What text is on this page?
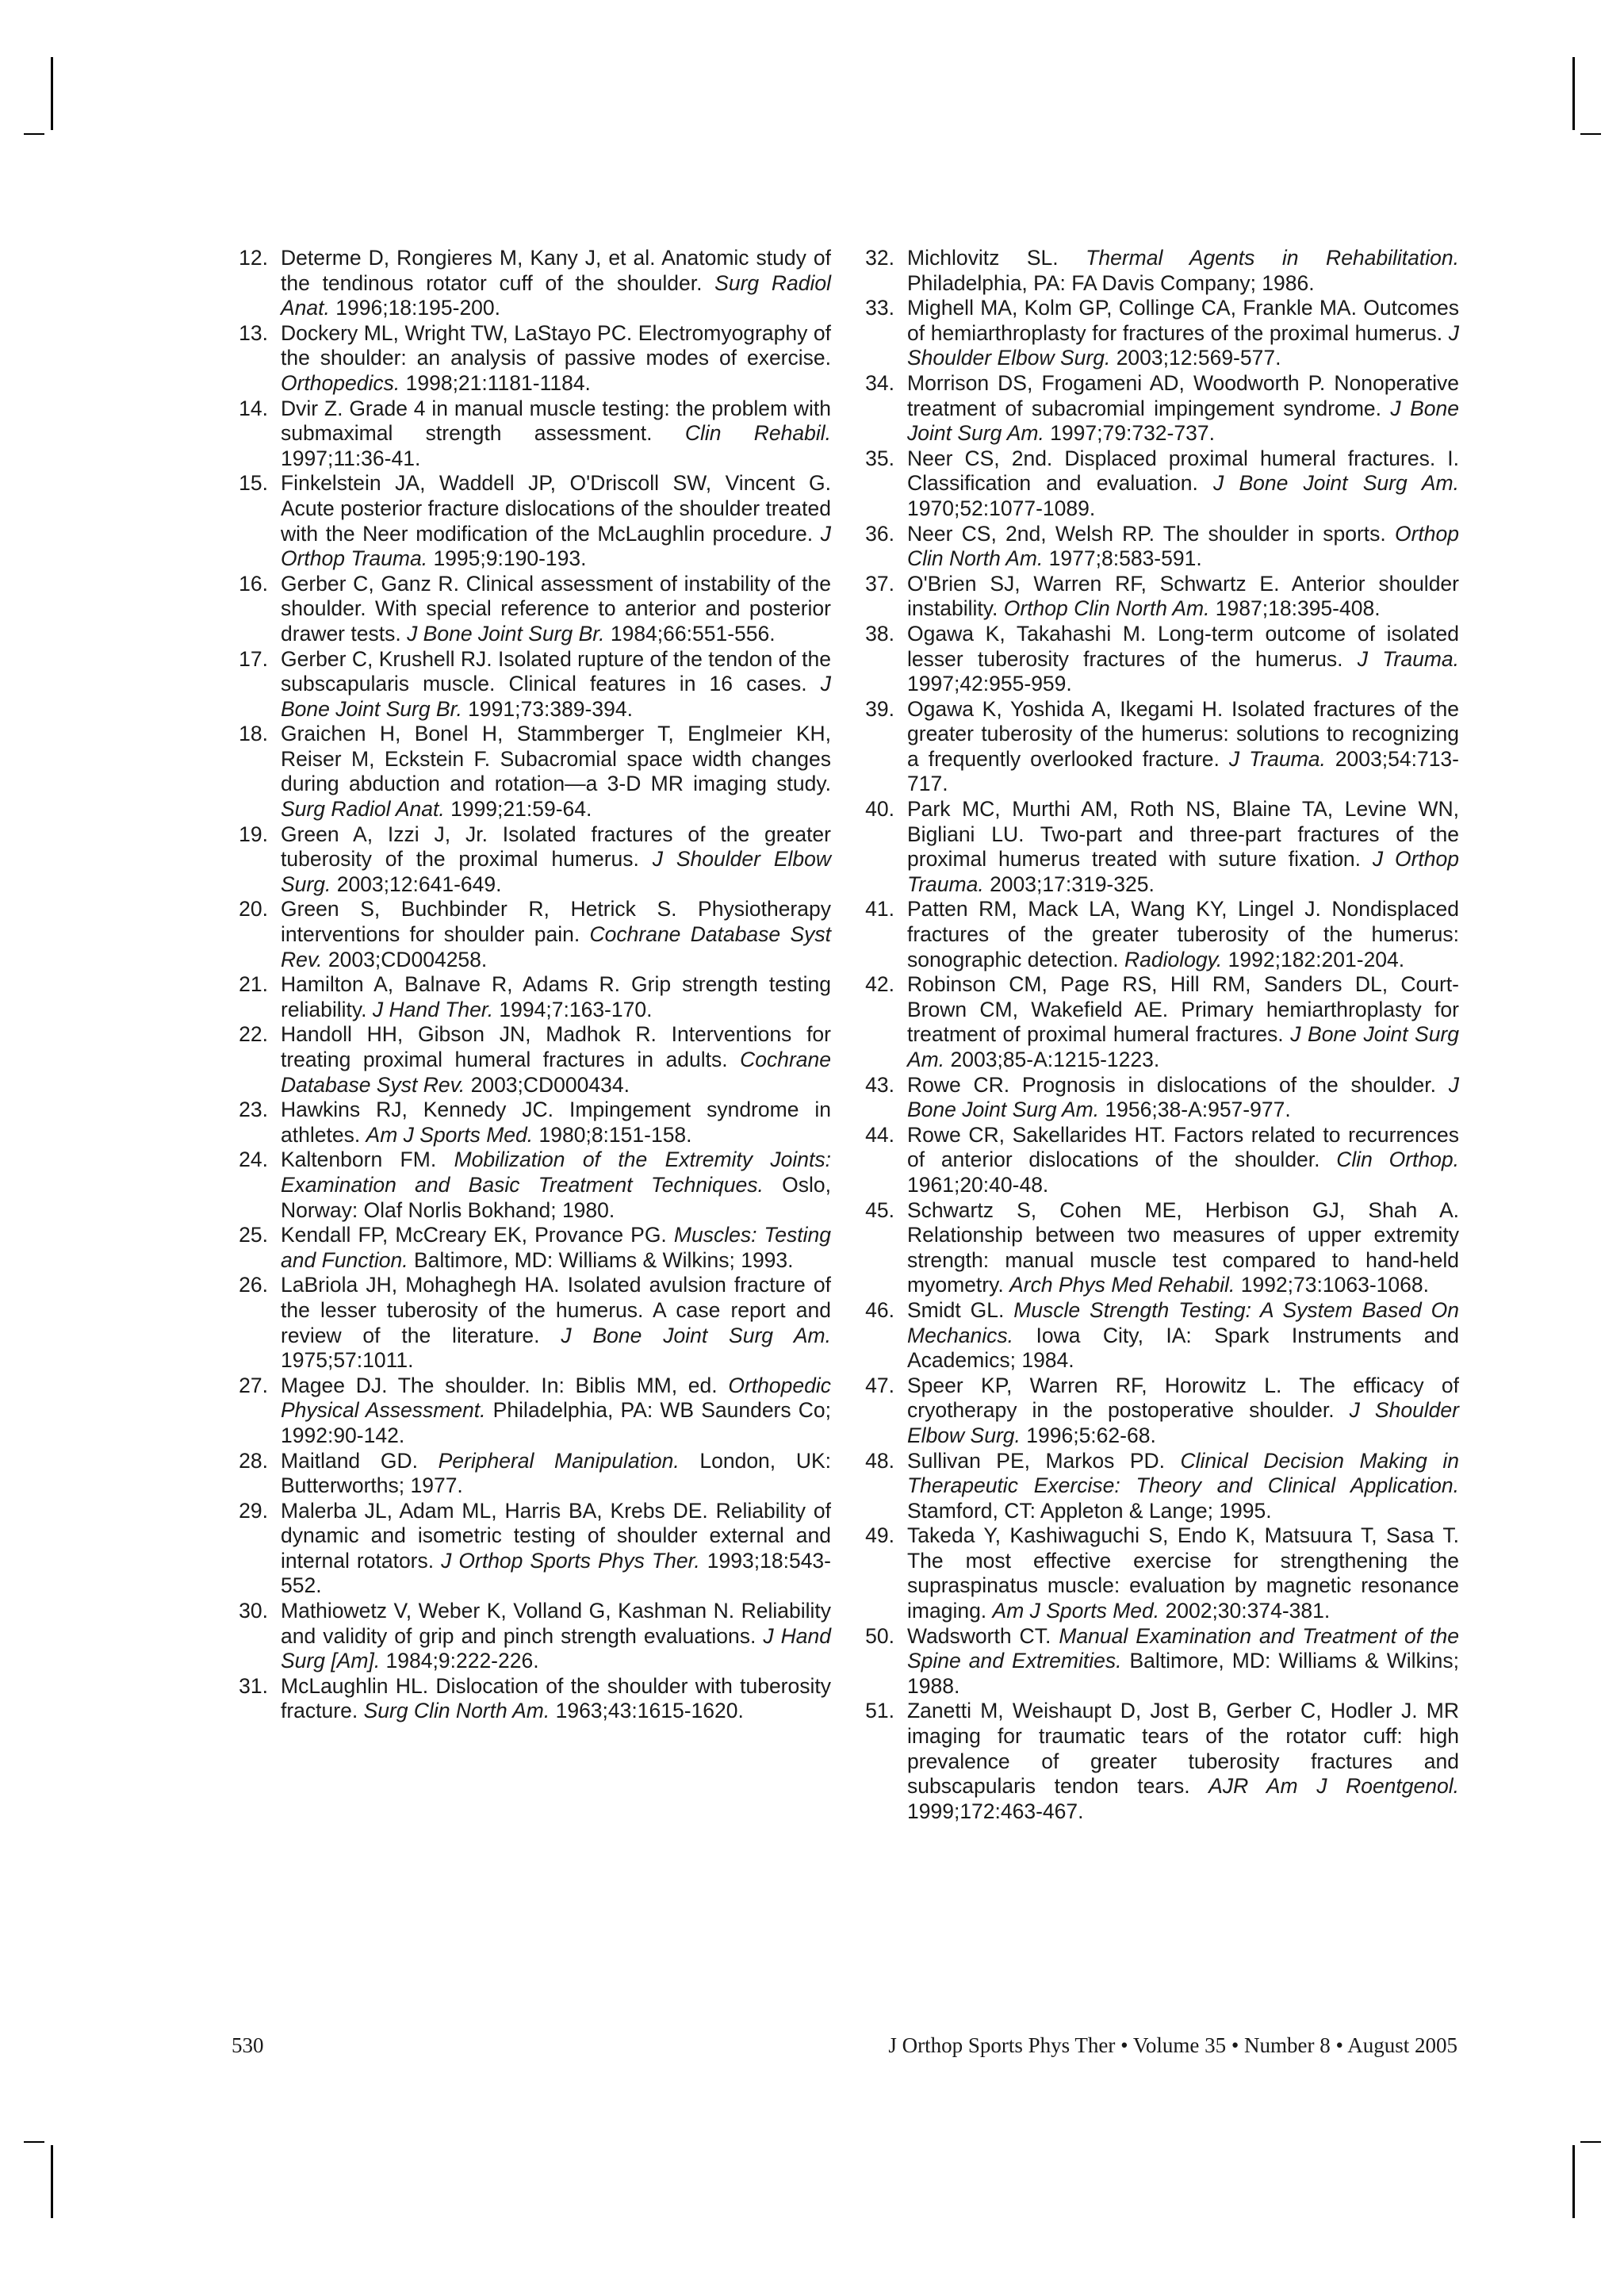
12. Determe D, Rongieres M, Kany J, et al. Anatomic study of the tendinous rotator cuff of the shoulder. Surg Radiol Anat. 1996;18:195-200.
13. Dockery ML, Wright TW, LaStayo PC. Electromyography of the shoulder: an analysis of passive modes of exercise. Orthopedics. 1998;21:1181-1184.
14. Dvir Z. Grade 4 in manual muscle testing: the problem with submaximal strength assessment. Clin Rehabil. 1997;11:36-41.
15. Finkelstein JA, Waddell JP, O'Driscoll SW, Vincent G. Acute posterior fracture dislocations of the shoulder treated with the Neer modification of the McLaughlin procedure. J Orthop Trauma. 1995;9:190-193.
16. Gerber C, Ganz R. Clinical assessment of instability of the shoulder. With special reference to anterior and posterior drawer tests. J Bone Joint Surg Br. 1984;66:551-556.
17. Gerber C, Krushell RJ. Isolated rupture of the tendon of the subscapularis muscle. Clinical features in 16 cases. J Bone Joint Surg Br. 1991;73:389-394.
18. Graichen H, Bonel H, Stammberger T, Englmeier KH, Reiser M, Eckstein F. Subacromial space width changes during abduction and rotation—a 3-D MR imaging study. Surg Radiol Anat. 1999;21:59-64.
19. Green A, Izzi J, Jr. Isolated fractures of the greater tuberosity of the proximal humerus. J Shoulder Elbow Surg. 2003;12:641-649.
20. Green S, Buchbinder R, Hetrick S. Physiotherapy interventions for shoulder pain. Cochrane Database Syst Rev. 2003;CD004258.
21. Hamilton A, Balnave R, Adams R. Grip strength testing reliability. J Hand Ther. 1994;7:163-170.
22. Handoll HH, Gibson JN, Madhok R. Interventions for treating proximal humeral fractures in adults. Cochrane Database Syst Rev. 2003;CD000434.
23. Hawkins RJ, Kennedy JC. Impingement syndrome in athletes. Am J Sports Med. 1980;8:151-158.
24. Kaltenborn FM. Mobilization of the Extremity Joints: Examination and Basic Treatment Techniques. Oslo, Norway: Olaf Norlis Bokhand; 1980.
25. Kendall FP, McCreary EK, Provance PG. Muscles: Testing and Function. Baltimore, MD: Williams & Wilkins; 1993.
26. LaBriola JH, Mohaghegh HA. Isolated avulsion fracture of the lesser tuberosity of the humerus. A case report and review of the literature. J Bone Joint Surg Am. 1975;57:1011.
27. Magee DJ. The shoulder. In: Biblis MM, ed. Orthopedic Physical Assessment. Philadelphia, PA: WB Saunders Co; 1992:90-142.
28. Maitland GD. Peripheral Manipulation. London, UK: Butterworths; 1977.
29. Malerba JL, Adam ML, Harris BA, Krebs DE. Reliability of dynamic and isometric testing of shoulder external and internal rotators. J Orthop Sports Phys Ther. 1993;18:543-552.
30. Mathiowetz V, Weber K, Volland G, Kashman N. Reliability and validity of grip and pinch strength evaluations. J Hand Surg [Am]. 1984;9:222-226.
31. McLaughlin HL. Dislocation of the shoulder with tuberosity fracture. Surg Clin North Am. 1963;43:1615-1620.
32. Michlovitz SL. Thermal Agents in Rehabilitation. Philadelphia, PA: FA Davis Company; 1986.
33. Mighell MA, Kolm GP, Collinge CA, Frankle MA. Outcomes of hemiarthroplasty for fractures of the proximal humerus. J Shoulder Elbow Surg. 2003;12:569-577.
34. Morrison DS, Frogameni AD, Woodworth P. Nonoperative treatment of subacromial impingement syndrome. J Bone Joint Surg Am. 1997;79:732-737.
35. Neer CS, 2nd. Displaced proximal humeral fractures. I. Classification and evaluation. J Bone Joint Surg Am. 1970;52:1077-1089.
36. Neer CS, 2nd, Welsh RP. The shoulder in sports. Orthop Clin North Am. 1977;8:583-591.
37. O'Brien SJ, Warren RF, Schwartz E. Anterior shoulder instability. Orthop Clin North Am. 1987;18:395-408.
38. Ogawa K, Takahashi M. Long-term outcome of isolated lesser tuberosity fractures of the humerus. J Trauma. 1997;42:955-959.
39. Ogawa K, Yoshida A, Ikegami H. Isolated fractures of the greater tuberosity of the humerus: solutions to recognizing a frequently overlooked fracture. J Trauma. 2003;54:713-717.
40. Park MC, Murthi AM, Roth NS, Blaine TA, Levine WN, Bigliani LU. Two-part and three-part fractures of the proximal humerus treated with suture fixation. J Orthop Trauma. 2003;17:319-325.
41. Patten RM, Mack LA, Wang KY, Lingel J. Nondisplaced fractures of the greater tuberosity of the humerus: sonographic detection. Radiology. 1992;182:201-204.
42. Robinson CM, Page RS, Hill RM, Sanders DL, Court-Brown CM, Wakefield AE. Primary hemiarthroplasty for treatment of proximal humeral fractures. J Bone Joint Surg Am. 2003;85-A:1215-1223.
43. Rowe CR. Prognosis in dislocations of the shoulder. J Bone Joint Surg Am. 1956;38-A:957-977.
44. Rowe CR, Sakellarides HT. Factors related to recurrences of anterior dislocations of the shoulder. Clin Orthop. 1961;20:40-48.
45. Schwartz S, Cohen ME, Herbison GJ, Shah A. Relationship between two measures of upper extremity strength: manual muscle test compared to hand-held myometry. Arch Phys Med Rehabil. 1992;73:1063-1068.
46. Smidt GL. Muscle Strength Testing: A System Based On Mechanics. Iowa City, IA: Spark Instruments and Academics; 1984.
47. Speer KP, Warren RF, Horowitz L. The efficacy of cryotherapy in the postoperative shoulder. J Shoulder Elbow Surg. 1996;5:62-68.
48. Sullivan PE, Markos PD. Clinical Decision Making in Therapeutic Exercise: Theory and Clinical Application. Stamford, CT: Appleton & Lange; 1995.
49. Takeda Y, Kashiwaguchi S, Endo K, Matsuura T, Sasa T. The most effective exercise for strengthening the supraspinatus muscle: evaluation by magnetic resonance imaging. Am J Sports Med. 2002;30:374-381.
50. Wadsworth CT. Manual Examination and Treatment of the Spine and Extremities. Baltimore, MD: Williams & Wilkins; 1988.
51. Zanetti M, Weishaupt D, Jost B, Gerber C, Hodler J. MR imaging for traumatic tears of the rotator cuff: high prevalence of greater tuberosity fractures and subscapularis tendon tears. AJR Am J Roentgenol. 1999;172:463-467.
530	J Orthop Sports Phys Ther • Volume 35 • Number 8 • August 2005
